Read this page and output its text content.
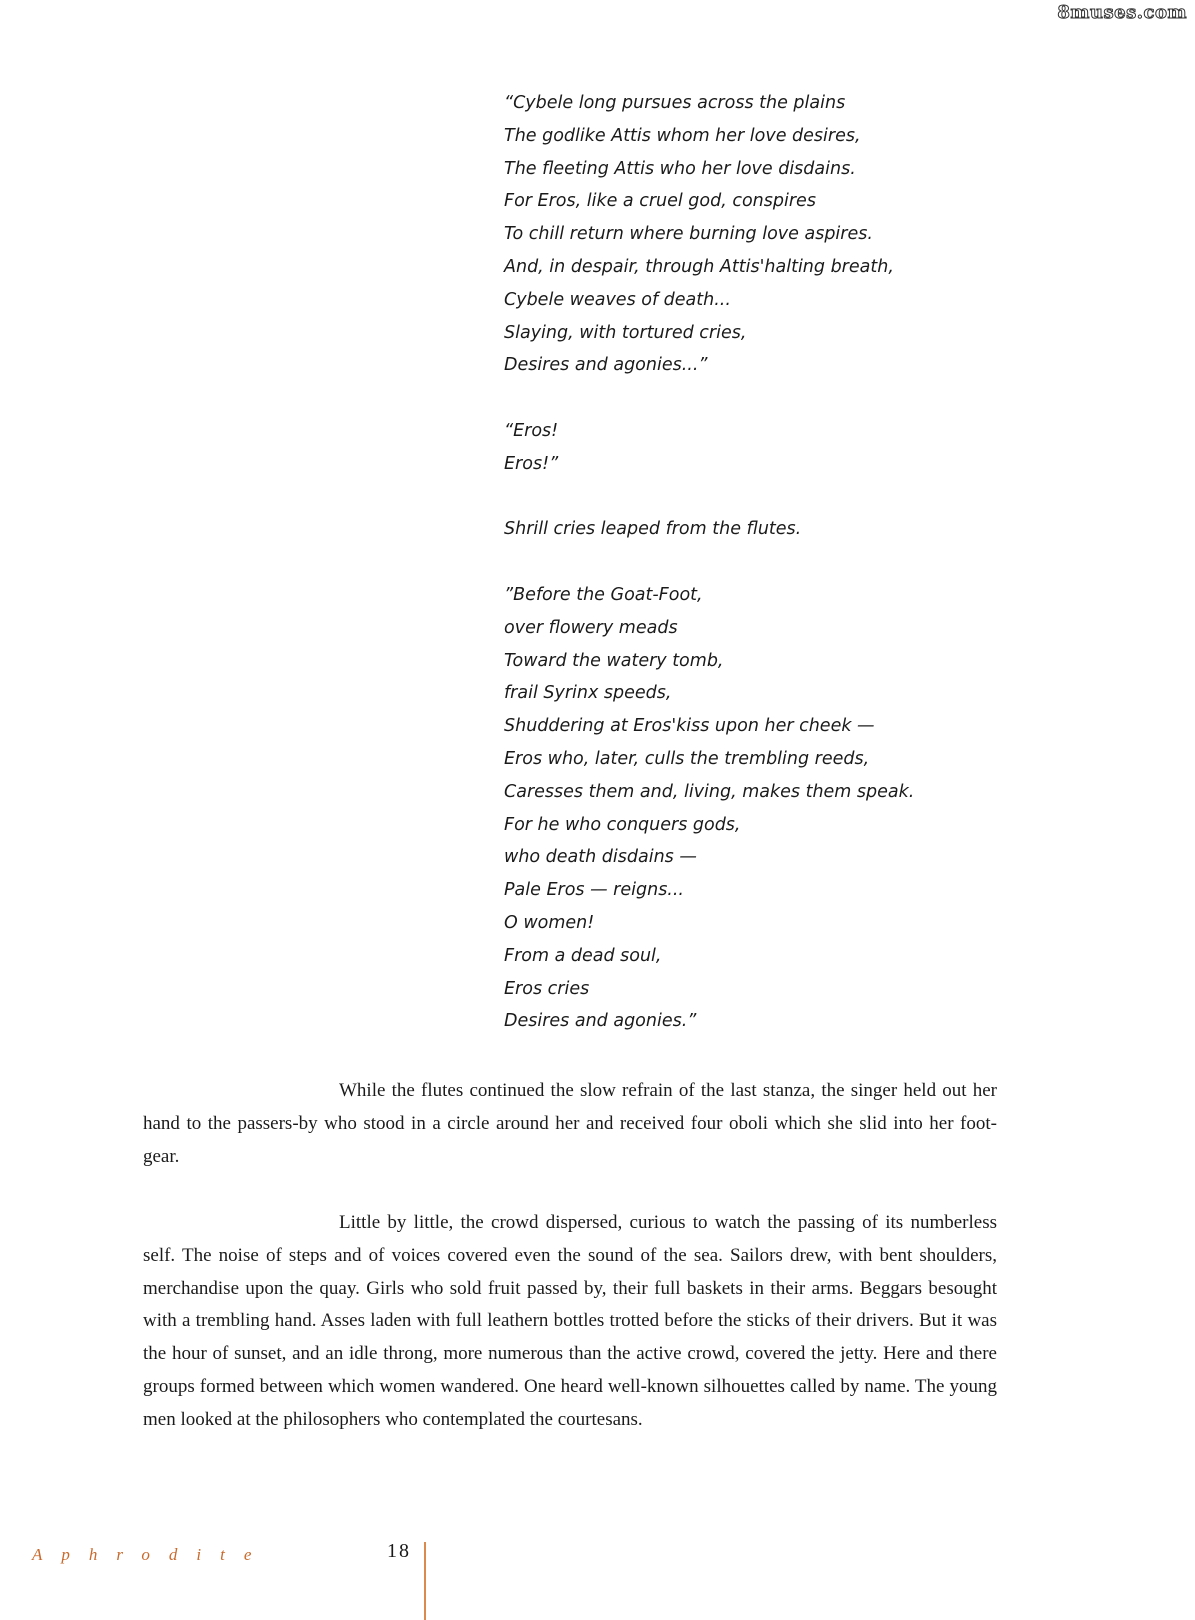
8muses.com
“Cybele long pursues across the plains
The godlike Attis whom her love desires,
The fleeting Attis who her love disdains.
For Eros, like a cruel god, conspires
To chill return where burning love aspires.
And, in despair, through Attis'halting breath,
Cybele weaves of death...
Slaying, with tortured cries,
Desires and agonies...”
“Eros!
Eros!”
Shrill cries leaped from the flutes.
”Before the Goat-Foot,
over flowery meads
Toward the watery tomb,
frail Syrinx speeds,
Shuddering at Eros'kiss upon her cheek —
Eros who, later, culls the trembling reeds,
Caresses them and, living, makes them speak.
For he who conquers gods,
who death disdains —
Pale Eros — reigns...
O women!
From a dead soul,
Eros cries
Desires and agonies.”

While the flutes continued the slow refrain of the last stanza, the singer held out her hand to the passers-by who stood in a circle around her and received four oboli which she slid into her foot-gear.

Little by little, the crowd dispersed, curious to watch the passing of its numberless self. The noise of steps and of voices covered even the sound of the sea. Sailors drew, with bent shoulders, merchandise upon the quay. Girls who sold fruit passed by, their full baskets in their arms. Beggars besought with a trembling hand. Asses laden with full leathern bottles trotted before the sticks of their drivers. But it was the hour of sunset, and an idle throng, more numerous than the active crowd, covered the jetty. Here and there groups formed between which women wandered. One heard well-known silhouettes called by name. The young men looked at the philosophers who contemplated the courtesans.

Aphrodite	18
